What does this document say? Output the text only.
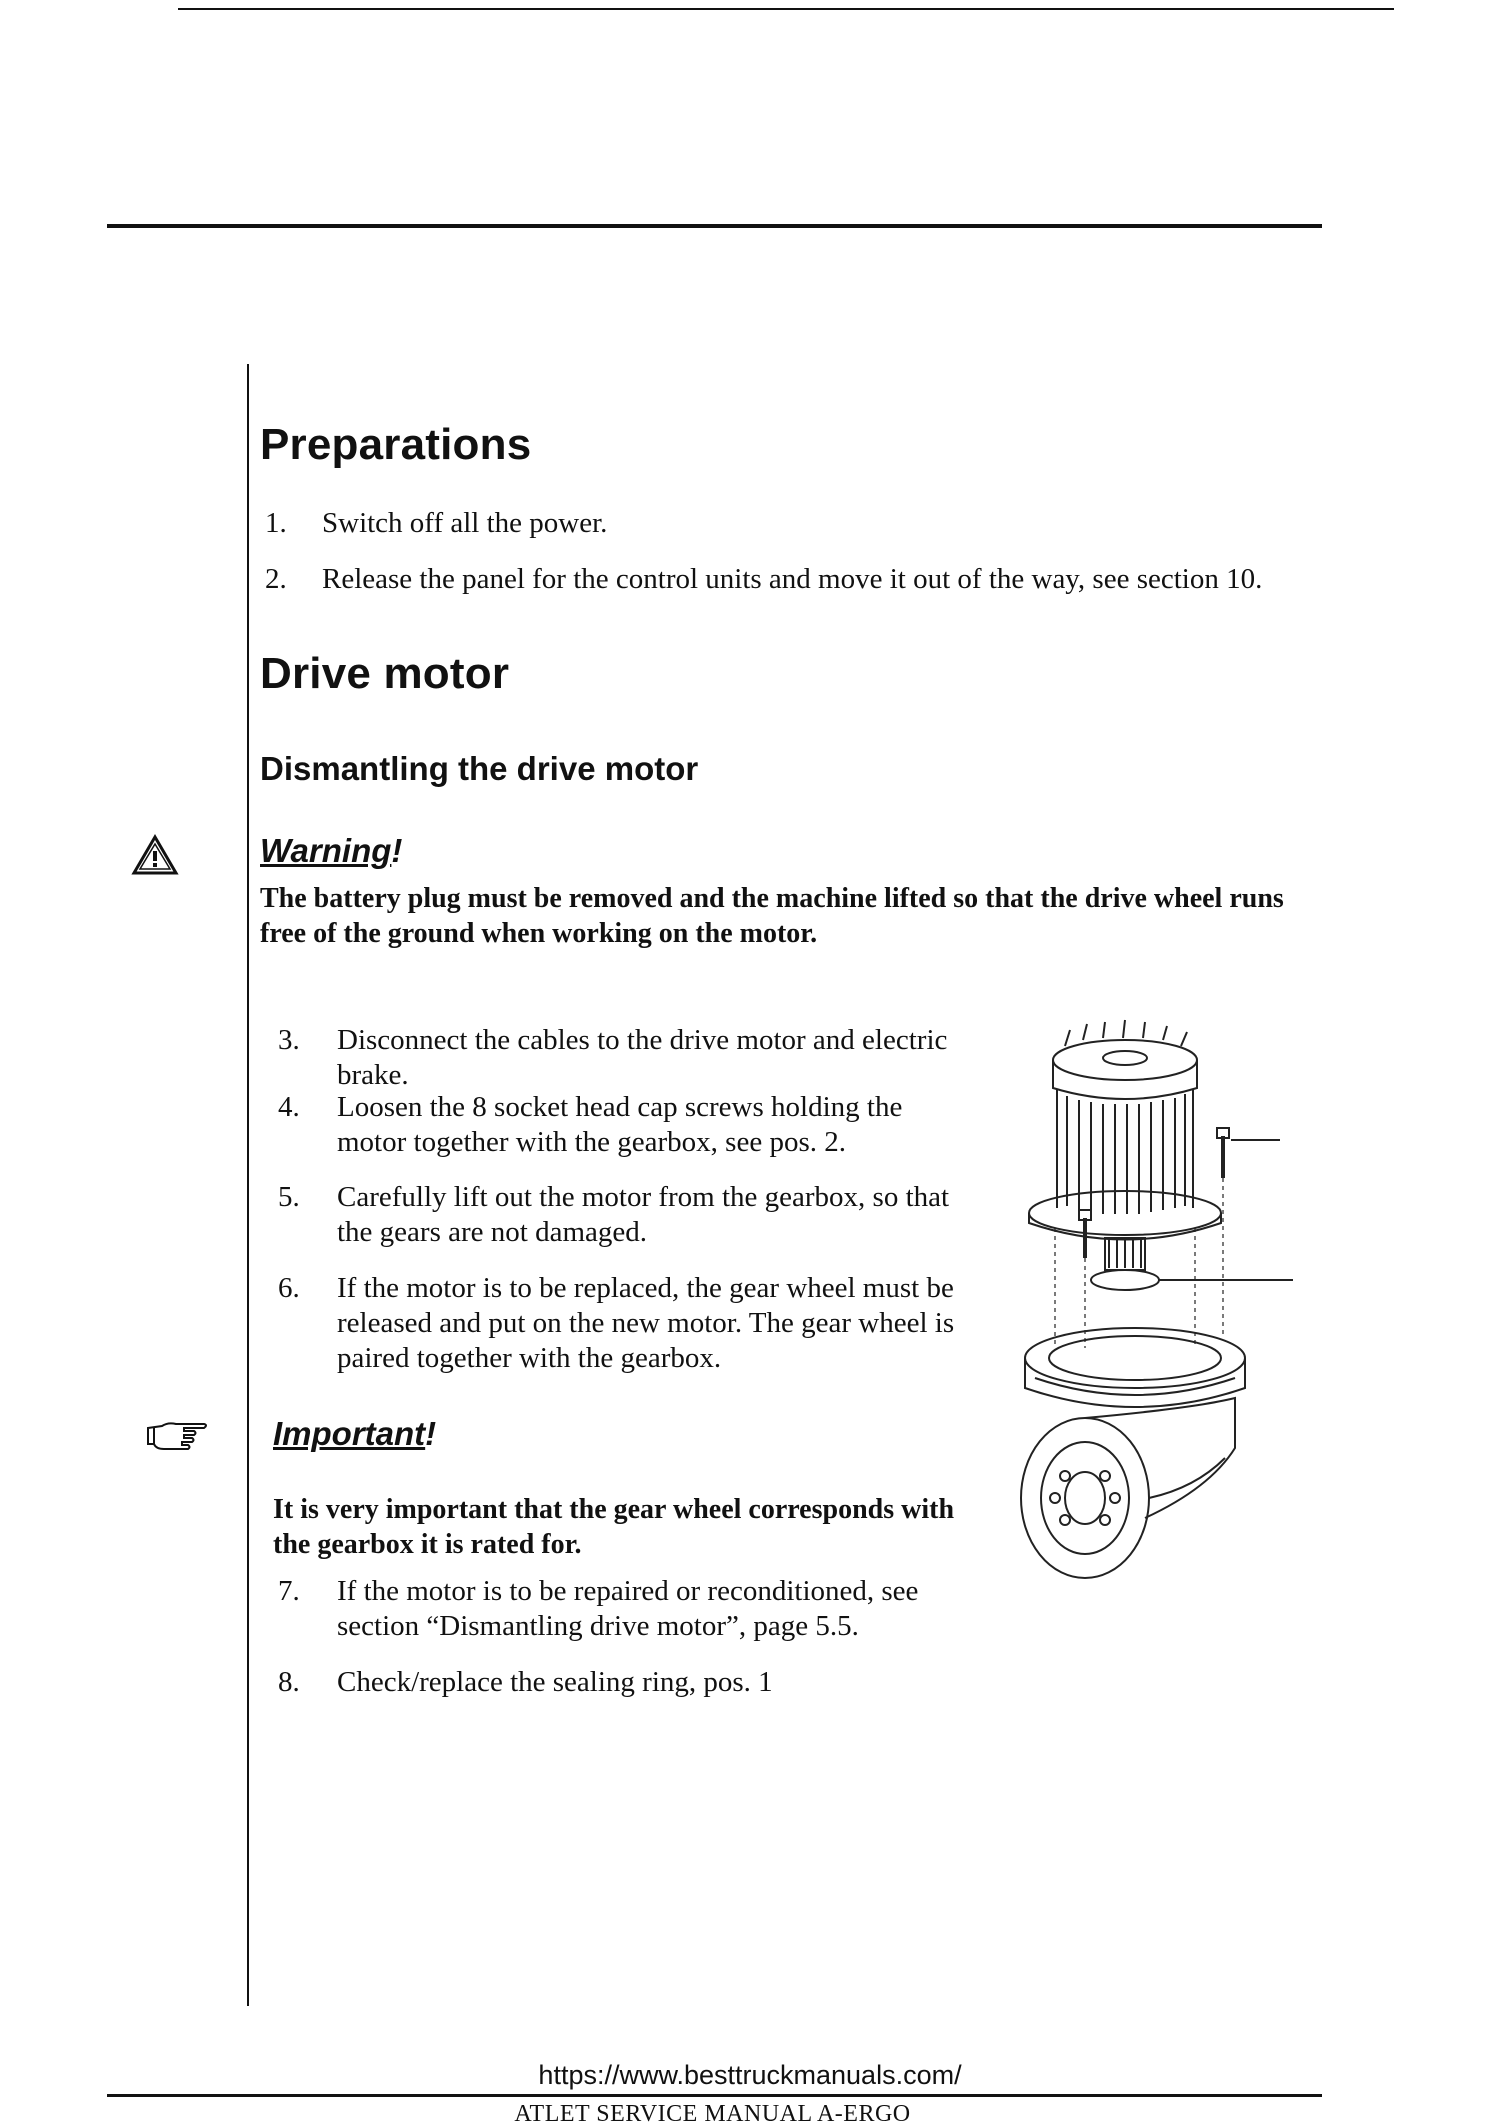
Preparations
1. Switch off all the power.
2. Release the panel for the control units and move it out of the way, see section 10.
Drive motor
Dismantling the drive motor
Warning!
The battery plug must be removed and the machine lifted so that the drive wheel runs free of the ground when working on the motor.
3. Disconnect the cables to the drive motor and electric brake.
4. Loosen the 8 socket head cap screws holding the motor together with the gearbox, see pos. 2.
5. Carefully lift out the motor from the gearbox, so that the gears are not damaged.
6. If the motor is to be replaced, the gear wheel must be released and put on the new motor. The gear wheel is paired together with the gearbox.
Important!
It is very important that the gear wheel corresponds with the gearbox it is rated for.
7. If the motor is to be repaired or reconditioned, see section “Dismantling drive motor”, page 5.5.
8. Check/replace the sealing ring, pos. 1
https://www.besttruckmanuals.com/
ATLET SERVICE MANUAL A-ERGO
